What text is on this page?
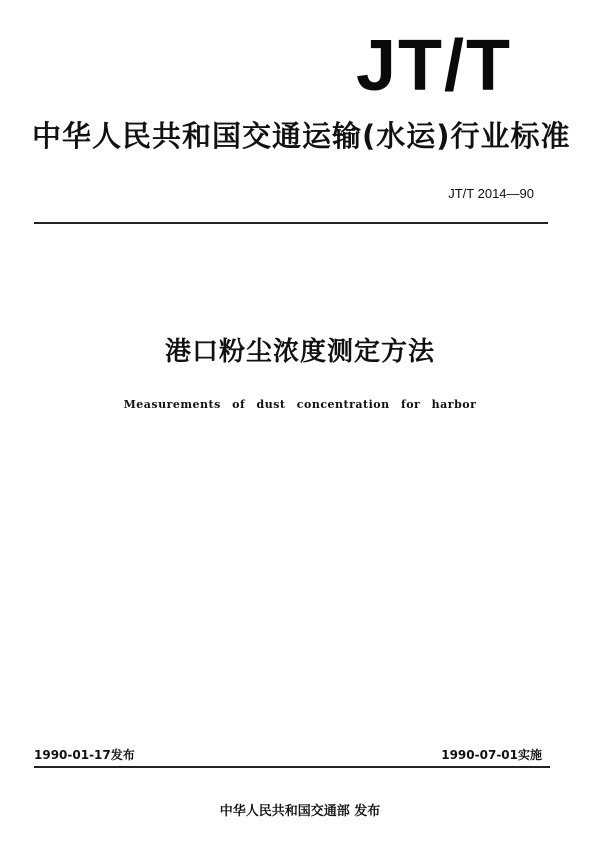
JT/T
中华人民共和国交通运输(水运)行业标准
JT/T 2014—90
港口粉尘浓度测定方法
Measurements of dust concentration for harbor
1990-01-17发布	1990-07-01实施
中华人民共和国交通部 发布
